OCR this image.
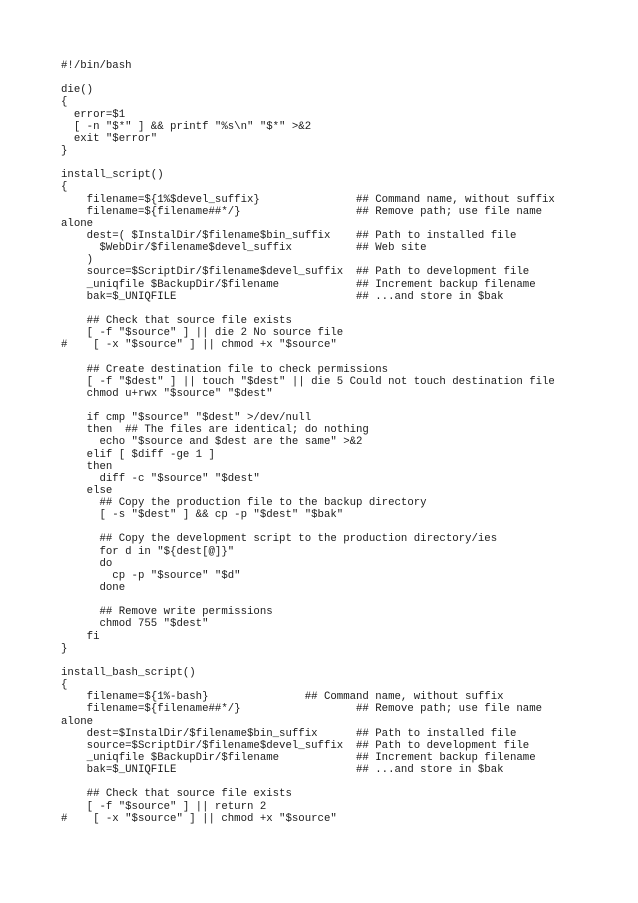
#!/bin/bash
die()
{
error=$1
[ -n "$*" ] && printf "%s\n" "$*" >&2
exit "$error"
}
install_script()
{
filename=${1%$devel_suffix}               ## Command name, without suffix
filename=${filename##*/}                  ## Remove path; use file name
alone
dest=( $InstalDir/$filename$bin_suffix    ## Path to installed file
$WebDir/$filename$devel_suffix          ## Web site
)
source=$ScriptDir/$filename$devel_suffix  ## Path to development file
_uniqfile $BackupDir/$filename            ## Increment backup filename
bak=$_UNIQFILE                            ## ...and store in $bak
## Check that source file exists
[ -f "$source" ] || die 2 No source file
#    [ -x "$source" ] || chmod +x "$source"
## Create destination file to check permissions
[ -f "$dest" ] || touch "$dest" || die 5 Could not touch destination file
chmod u+rwx "$source" "$dest"
if cmp "$source" "$dest" >/dev/null
then  ## The files are identical; do nothing
echo "$source and $dest are the same" >&2
elif [ $diff -ge 1 ]
then
diff -c "$source" "$dest"
else
## Copy the production file to the backup directory
[ -s "$dest" ] && cp -p "$dest" "$bak"
## Copy the development script to the production directory/ies
for d in "${dest[@]}"
do
cp -p "$source" "$d"
done
## Remove write permissions
chmod 755 "$dest"
fi
}
install_bash_script()
{
filename=${1%-bash}               ## Command name, without suffix
filename=${filename##*/}                  ## Remove path; use file name
alone
dest=$InstalDir/$filename$bin_suffix      ## Path to installed file
source=$ScriptDir/$filename$devel_suffix  ## Path to development file
_uniqfile $BackupDir/$filename            ## Increment backup filename
bak=$_UNIQFILE                            ## ...and store in $bak
## Check that source file exists
[ -f "$source" ] || return 2
#    [ -x "$source" ] || chmod +x "$source"
